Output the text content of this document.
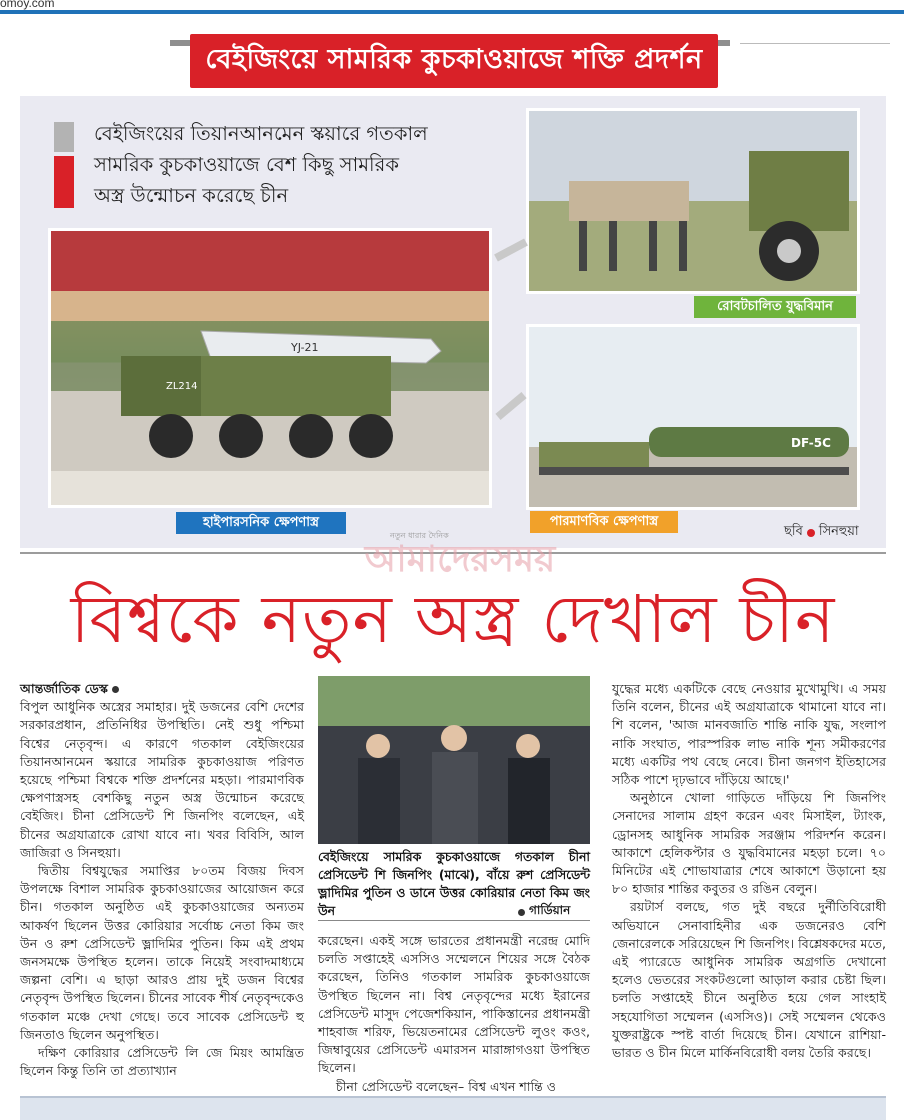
omoy.com
বেইজিংয়ে সামরিক কুচকাওয়াজে শক্তি প্রদর্শন
বেইজিংয়ের তিয়ানআনমেন স্কয়ারে গতকাল
সামরিক কুচকাওয়াজে বেশ কিছু সামরিক
অস্ত্র উন্মোচন করেছে চীন
YJ-21
ZL214
DF-5C
হাইপারসনিক ক্ষেপণাস্ত্র
রোবটচালিত যুদ্ধবিমান
পারমাণবিক ক্ষেপণাস্ত্র
ছবি সিনহুয়া
নতুন ধারার দৈনিক
আমাদেরসময়
বিশ্বকে নতুন অস্ত্র দেখাল চীন

আন্তর্জাতিক ডেস্ক

বিপুল আধুনিক অস্ত্রের সমাহার। দুই ডজনের বেশি দেশের সরকারপ্রধান, প্রতিনিধির উপস্থিতি। নেই শুধু পশ্চিমা বিশ্বের নেতৃবৃন্দ। এ কারণে গতকাল বেইজিংয়ের তিয়ানআনমেন স্কয়ারে সামরিক কুচকাওয়াজ পরিণত হয়েছে পশ্চিমা বিশ্বকে শক্তি প্রদর্শনের মহড়া। পারমাণবিক ক্ষেপণাস্ত্রসহ বেশকিছু নতুন অস্ত্র উন্মোচন করেছে বেইজিং। চীনা প্রেসিডেন্ট শি জিনপিং বলেছেন, এই চীনের অগ্রযাত্রাকে রোখা যাবে না। খবর বিবিসি, আল জাজিরা ও সিনহুয়া।

দ্বিতীয় বিশ্বযুদ্ধের সমাপ্তির ৮০তম বিজয় দিবস উপলক্ষে বিশাল সামরিক কুচকাওয়াজের আয়োজন করে চীন। গতকাল অনুষ্ঠিত এই কুচকাওয়াজের অন্যতম আকর্ষণ ছিলেন উত্তর কোরিয়ার সর্বোচ্চ নেতা কিম জং উন ও রুশ প্রেসিডেন্ট ভ্লাদিমির পুতিন। কিম এই প্রথম জনসমক্ষে উপস্থিত হলেন। তাকে নিয়েই সংবাদমাধ্যমে জল্পনা বেশি। এ ছাড়া আরও প্রায় দুই ডজন বিশ্বের নেতৃবৃন্দ উপস্থিত ছিলেন। চীনের সাবেক শীর্ষ নেতৃবৃন্দকেও গতকাল মঞ্চে দেখা গেছে। তবে সাবেক প্রেসিডেন্ট হু জিনতাও ছিলেন অনুপস্থিত।

দক্ষিণ কোরিয়ার প্রেসিডেন্ট লি জে মিয়ং আমন্ত্রিত ছিলেন কিন্তু তিনি তা প্রত্যাখ্যান

বেইজিংয়ে সামরিক কুচকাওয়াজে গতকাল চীনা প্রেসিডেন্ট শি জিনপিং (মাঝে), বাঁয়ে রুশ প্রেসিডেন্ট ভ্লাদিমির পুতিন ও ডানে উত্তর কোরিয়ার নেতা কিম জং উন	গার্ডিয়ান

করেছেন। একই সঙ্গে ভারতের প্রধানমন্ত্রী নরেন্দ্র মোদি চলতি সপ্তাহেই এসসিও সম্মেলনে শিয়ের সঙ্গে বৈঠক করেছেন, তিনিও গতকাল সামরিক কুচকাওয়াজে উপস্থিত ছিলেন না। বিশ্ব নেতৃবৃন্দের মধ্যে ইরানের প্রেসিডেন্ট মাসুদ পেজেশকিয়ান, পাকিস্তানের প্রধানমন্ত্রী শাহবাজ শরিফ, ভিয়েতনামের প্রেসিডেন্ট লুওং কওং, জিম্বাবুয়ের প্রেসিডেন্ট এমারসন মারাঙ্গাগওয়া উপস্থিত ছিলেন।

চীনা প্রেসিডেন্ট বলেছেন– বিশ্ব এখন শান্তি ও

যুদ্ধের মধ্যে একটিকে বেছে নেওয়ার মুখোমুখি। এ সময় তিনি বলেন, চীনের এই অগ্রযাত্রাকে থামানো যাবে না। শি বলেন, 'আজ মানবজাতি শান্তি নাকি যুদ্ধ, সংলাপ নাকি সংঘাত, পারস্পরিক লাভ নাকি শূন্য সমীকরণের মধ্যে একটির পথ বেছে নেবে। চীনা জনগণ ইতিহাসের সঠিক পাশে দৃঢ়ভাবে দাঁড়িয়ে আছে।'

অনুষ্ঠানে খোলা গাড়িতে দাঁড়িয়ে শি জিনপিং সেনাদের সালাম গ্রহণ করেন এবং মিসাইল, ট্যাংক, ড্রোনসহ আধুনিক সামরিক সরঞ্জাম পরিদর্শন করেন। আকাশে হেলিকপ্টার ও যুদ্ধবিমানের মহড়া চলে। ৭০ মিনিটের এই শোভাযাত্রার শেষে আকাশে উড়ানো হয় ৮০ হাজার শান্তির কবুতর ও রঙিন বেলুন।

রয়টার্স বলছে, গত দুই বছরে দুর্নীতিবিরোধী অভিযানে সেনাবাহিনীর এক ডজনেরও বেশি জেনারেলকে সরিয়েছেন শি জিনপিং। বিশ্লেষকদের মতে, এই প্যারেডে আধুনিক সামরিক অগ্রগতি দেখানো হলেও ভেতরের সংকটগুলো আড়াল করার চেষ্টা ছিল। চলতি সপ্তাহেই চীনে অনুষ্ঠিত হয়ে গেল সাংহাই সহযোগিতা সম্মেলন (এসসিও)। সেই সম্মেলন থেকেও যুক্তরাষ্ট্রকে স্পষ্ট বার্তা দিয়েছে চীন। যেখানে রাশিয়া-ভারত ও চীন মিলে মার্কিনবিরোধী বলয় তৈরি করছে।
